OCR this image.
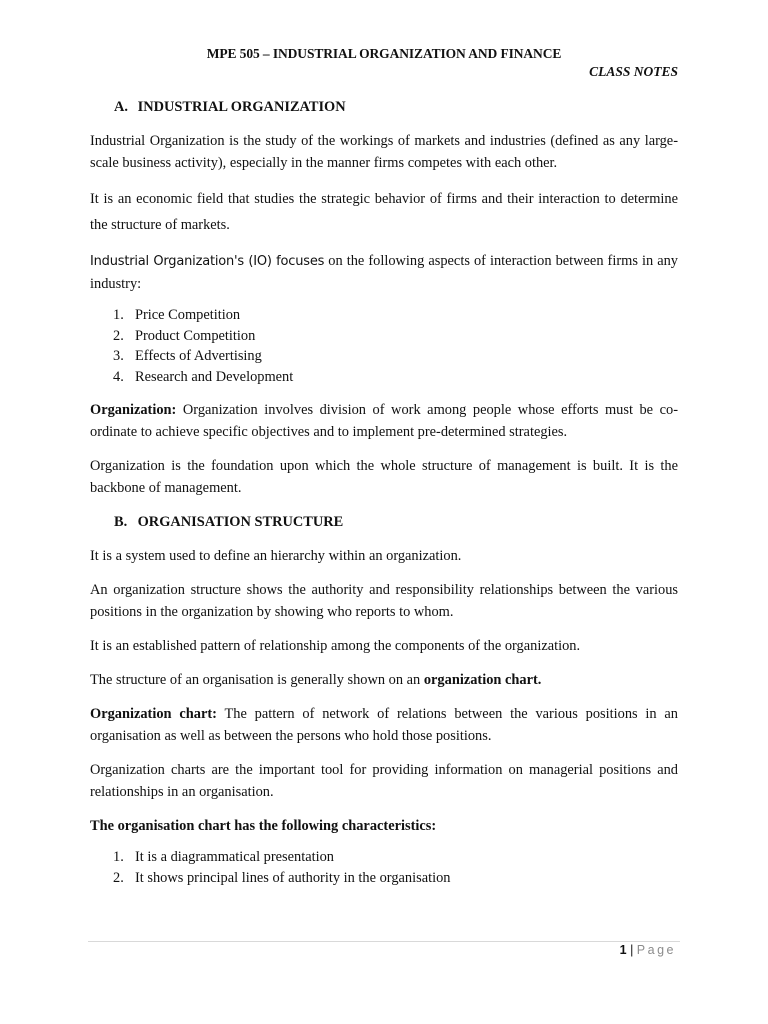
MPE 505 – INDUSTRIAL ORGANIZATION AND FINANCE
CLASS NOTES
A. INDUSTRIAL ORGANIZATION

Industrial Organization is the study of the workings of markets and industries (defined as any large-scale business activity), especially in the manner firms competes with each other.

It is an economic field that studies the strategic behavior of firms and their interaction to determine the structure of markets.

Industrial Organization's (IO) focuses on the following aspects of interaction between firms in any industry:

1. Price Competition
2. Product Competition
3. Effects of Advertising
4. Research and Development

Organization: Organization involves division of work among people whose efforts must be co-ordinate to achieve specific objectives and to implement pre-determined strategies.

Organization is the foundation upon which the whole structure of management is built. It is the backbone of management.

B. ORGANISATION STRUCTURE

It is a system used to define an hierarchy within an organization.

An organization structure shows the authority and responsibility relationships between the various positions in the organization by showing who reports to whom.

It is an established pattern of relationship among the components of the organization.

The structure of an organisation is generally shown on an organization chart.

Organization chart: The pattern of network of relations between the various positions in an organisation as well as between the persons who hold those positions.

Organization charts are the important tool for providing information on managerial positions and relationships in an organisation.

The organisation chart has the following characteristics:

1. It is a diagrammatical presentation
2. It shows principal lines of authority in the organisation
1 | Page
